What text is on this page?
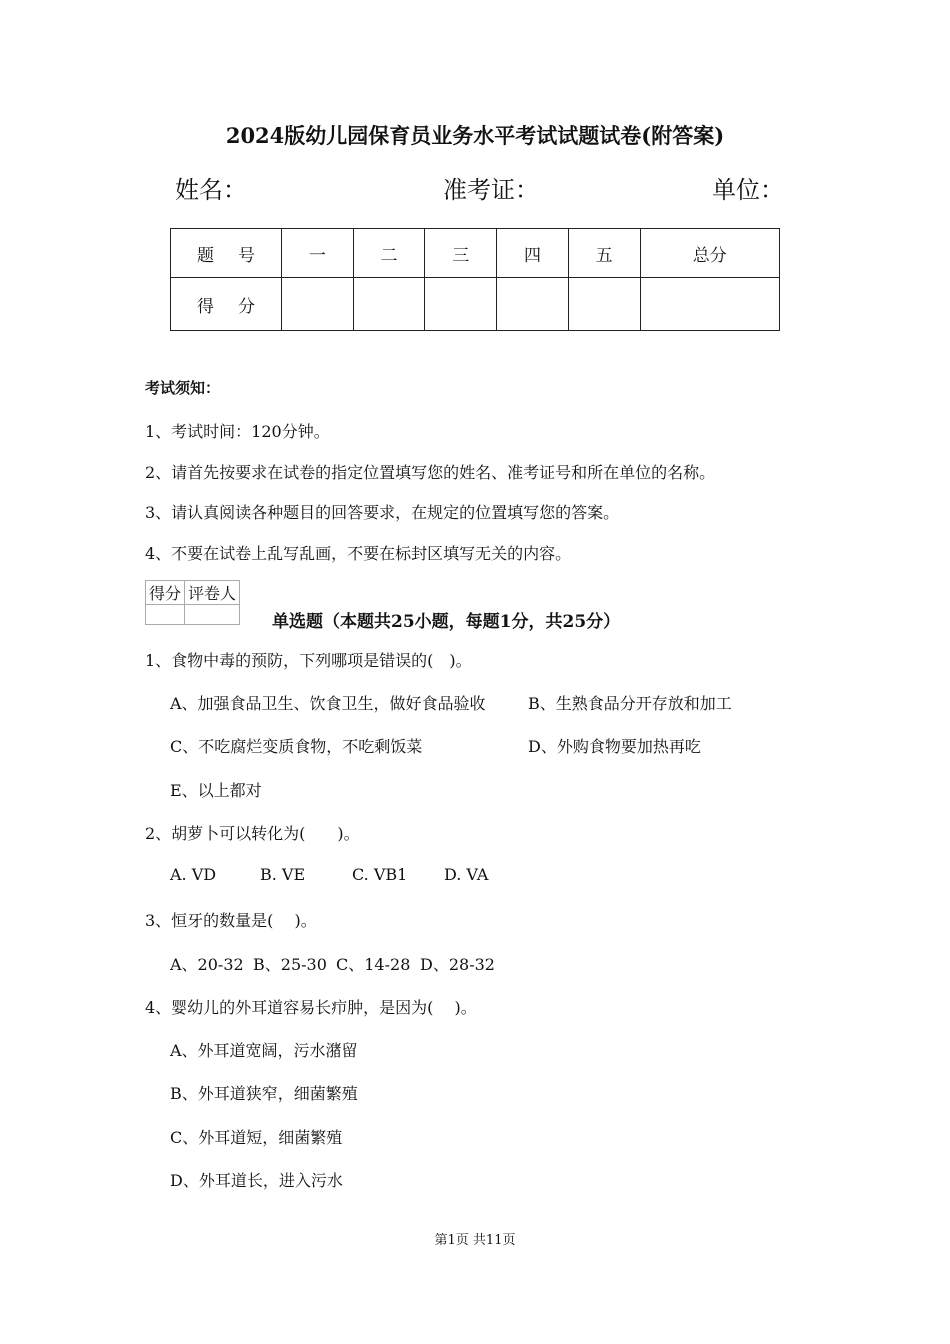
2024版幼儿园保育员业务水平考试试题试卷(附答案)
姓名：	准考证：	单位：
题号	一	二	三	四	五	总分
得分						
考试须知：
1、考试时间：120分钟。
2、请首先按要求在试卷的指定位置填写您的姓名、准考证号和所在单位的名称。
3、请认真阅读各种题目的回答要求，在规定的位置填写您的答案。
4、不要在试卷上乱写乱画，不要在标封区填写无关的内容。
得分	评卷人

单选题（本题共25小题，每题1分，共25分）
1、食物中毒的预防，下列哪项是错误的(　)。
A、加强食品卫生、饮食卫生，做好食品验收	B、生熟食品分开存放和加工
C、不吃腐烂变质食物，不吃剩饭菜	D、外购食物要加热再吃
E、以上都对
2、胡萝卜可以转化为(　　)。
A. VD	B. VE	C. VB1 D. VA
3、恒牙的数量是(　 )。
A、20-32 B、25-30 C、14-28 D、28-32
4、婴幼儿的外耳道容易长疖肿，是因为(　 )。
A、外耳道宽阔，污水潴留
B、外耳道狭窄，细菌繁殖
C、外耳道短，细菌繁殖
D、外耳道长，进入污水
第1页 共11页
